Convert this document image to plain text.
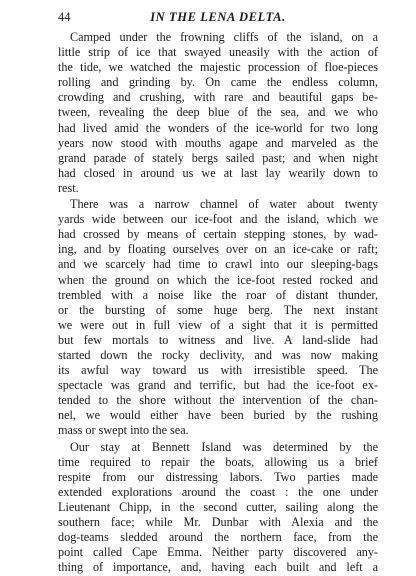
44	IN THE LENA DELTA.
Camped under the frowning cliffs of the island, on a
little strip of ice that swayed uneasily with the action of
the tide, we watched the majestic procession of floe-pieces
rolling and grinding by. On came the endless column,
crowding and crushing, with rare and beautiful gaps be-
tween, revealing the deep blue of the sea, and we who
had lived amid the wonders of the ice-world for two long
years now stood with mouths agape and marveled as the
grand parade of stately bergs sailed past; and when night
had closed in around us we at last lay wearily down to
rest.
There was a narrow channel of water about twenty
yards wide between our ice-foot and the island, which we
had crossed by means of certain stepping stones, by wad-
ing, and by floating ourselves over on an ice-cake or raft;
and we scarcely had time to crawl into our sleeping-bags
when the ground on which the ice-foot rested rocked and
trembled with a noise like the roar of distant thunder,
or the bursting of some huge berg. The next instant
we were out in full view of a sight that it is permitted
but few mortals to witness and live. A land-slide had
started down the rocky declivity, and was now making
its awful way toward us with irresistible speed. The
spectacle was grand and terrific, but had the ice-foot ex-
tended to the shore without the intervention of the chan-
nel, we would either have been buried by the rushing
mass or swept into the sea.
Our stay at Bennett Island was determined by the
time required to repair the boats, allowing us a brief
respite from our distressing labors. Two parties made
extended explorations around the coast : the one under
Lieutenant Chipp, in the second cutter, sailing along the
southern face; while Mr. Dunbar with Alexia and the
dog-teams sledded around the northern face, from the
point called Cape Emma. Neither party discovered any-
thing of importance, and, having each built and left a
